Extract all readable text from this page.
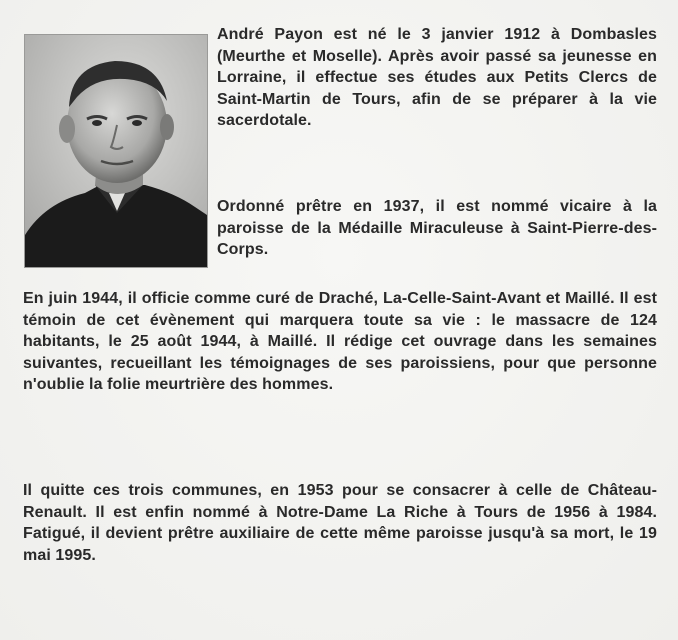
André Payon est né le 3 janvier 1912 à Dombasles (Meurthe et Moselle). Après avoir passé sa jeunesse en Lorraine, il effectue ses études aux Petits Clercs de Saint-Martin de Tours, afin de se préparer à la vie sacerdotale.

Ordonné prêtre en 1937, il est nommé vicaire à la paroisse de la Médaille Miraculeuse à Saint-Pierre-des-Corps.

En juin 1944, il officie comme curé de Draché, La-Celle-Saint-Avant et Maillé. Il est témoin de cet évènement qui marquera toute sa vie : le massacre de 124 habitants, le 25 août 1944, à Maillé. Il rédige cet ouvrage dans les semaines suivantes, recueillant les témoignages de ses paroissiens, pour que personne n'oublie la folie meurtrière des hommes.

Il quitte ces trois communes, en 1953 pour se consacrer à celle de Château-Renault. Il est enfin nommé à Notre-Dame La Riche à Tours de 1956 à 1984. Fatigué, il devient prêtre auxiliaire de cette même paroisse jusqu'à sa mort, le 19 mai 1995.
